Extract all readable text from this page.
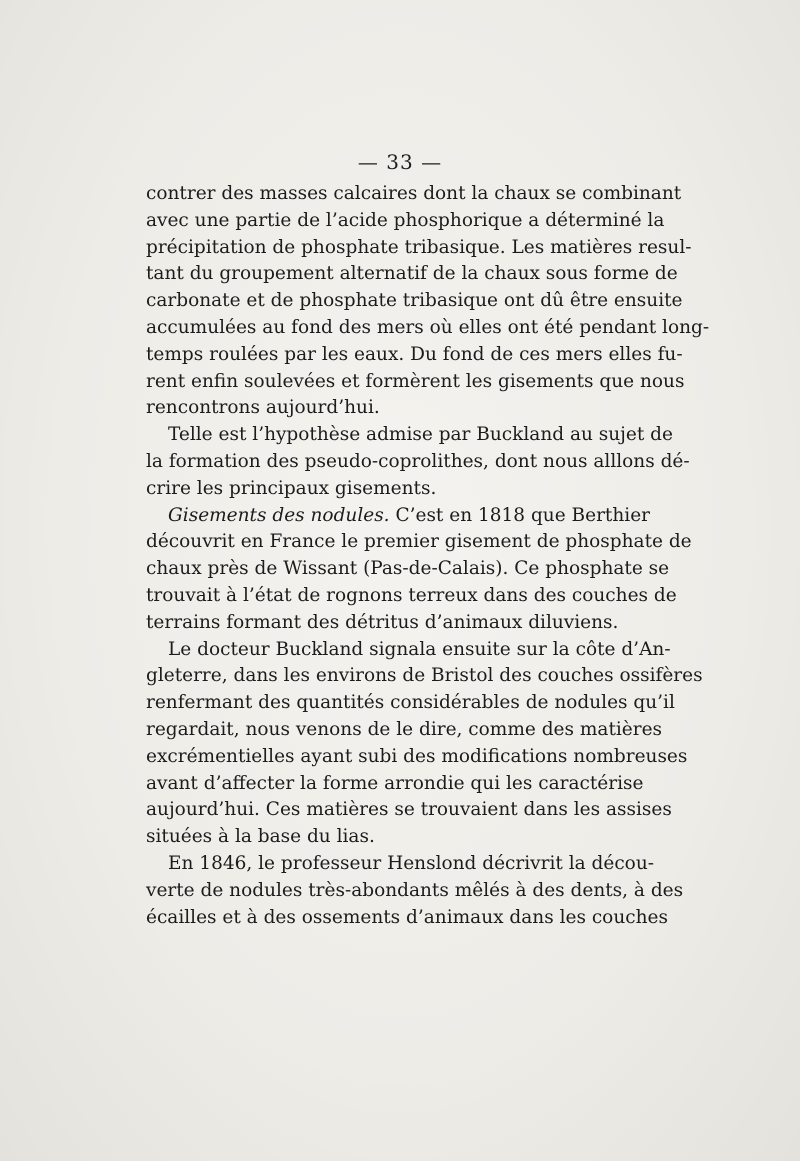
— 33 —
contrer des masses calcaires dont la chaux se combinant
avec une partie de l’acide phosphorique a déterminé la
précipitation de phosphate tribasique. Les matières resul-
tant du groupement alternatif de la chaux sous forme de
carbonate et de phosphate tribasique ont dû être ensuite
accumulées au fond des mers où elles ont été pendant long-
temps roulées par les eaux. Du fond de ces mers elles fu-
rent enfin soulevées et formèrent les gisements que nous
rencontrons aujourd’hui.
Telle est l’hypothèse admise par Buckland au sujet de
la formation des pseudo-coprolithes, dont nous alllons dé-
crire les principaux gisements.
Gisements des nodules. C’est en 1818 que Berthier
découvrit en France le premier gisement de phosphate de
chaux près de Wissant (Pas-de-Calais). Ce phosphate se
trouvait à l’état de rognons terreux dans des couches de
terrains formant des détritus d’animaux diluviens.
Le docteur Buckland signala ensuite sur la côte d’An-
gleterre, dans les environs de Bristol des couches ossifères
renfermant des quantités considérables de nodules qu’il
regardait, nous venons de le dire, comme des matières
excrémentielles ayant subi des modifications nombreuses
avant d’affecter la forme arrondie qui les caractérise
aujourd’hui. Ces matières se trouvaient dans les assises
situées à la base du lias.
En 1846, le professeur Henslond décrivrit la décou-
verte de nodules très-abondants mêlés à des dents, à des
écailles et à des ossements d’animaux dans les couches
